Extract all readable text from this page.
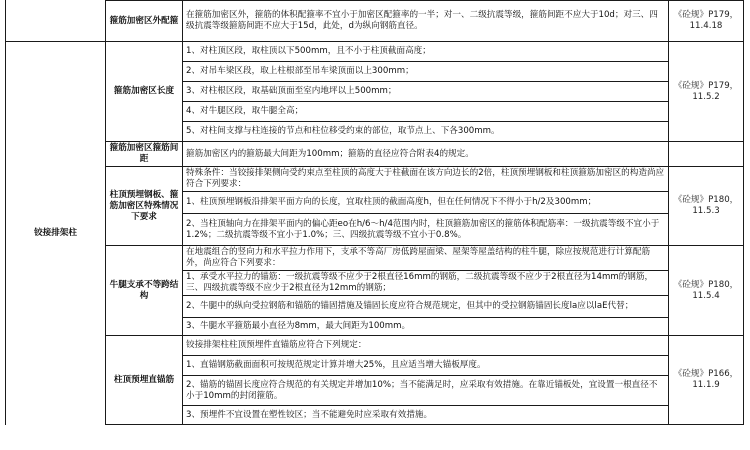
	箍筋加密区外配箍	在箍筋加密区外，箍筋的体积配箍率不宜小于加密区配箍率的一半；对一、二级抗震等级，箍筋间距不应大于10d；对三、四级抗震等级箍筋间距不应大于15d，此处，d为纵向钢筋直径。	《砼规》P179，11.4.18
铰接排架柱	箍筋加密区长度	1、对柱顶区段，取柱顶以下500mm，且不小于柱顶截面高度；	《砼规》P179，11.5.2
		2、对吊车梁区段，取上柱根部至吊车梁顶面以上300mm；	
		3、对柱根区段，取基础顶面至室内地坪以上500mm；	
		4、对牛腿区段，取牛腿全高；	
		5、对柱间支撑与柱连接的节点和柱位移受约束的部位，取节点上、下各300mm。	
	箍筋加密区箍筋间距	箍筋加密区内的箍筋最大间距为100mm；箍筋的直径应符合附表4的规定。	
	柱顶预埋钢板、箍筋加密区特殊情况下要求	特殊条件：当铰接排架侧向受约束点至柱顶的高度大于柱截面在该方向边长的2倍，柱顶预埋钢板和柱顶箍筋加密区的构造尚应符合下列要求：	《砼规》P180，11.5.3
		1、柱顶预埋钢板沿排架平面方向的长度，宜取柱顶的截面高度h，但在任何情况下不得小于h/2及300mm；	
		2、当柱顶轴向力在排架平面内的偏心距eo在h/6～h/4范围内时，柱顶箍筋加密区的箍筋体积配筋率：一级抗震等级不宜小于1.2%；二级抗震等级不宜小于1.0%；三、四级抗震等级不宜小于0.8%。	
	牛腿支承不等跨结构	在地震组合的竖向力和水平拉力作用下，支承不等高厂房低跨屋面梁、屋架等屋盖结构的柱牛腿，除应按规范进行计算配筋外，尚应符合下列要求：	《砼规》P180，11.5.4
		1、承受水平拉力的锚筋：一级抗震等级不应少于2根直径16mm的钢筋，二级抗震等级不应少于2根直径为14mm的钢筋，三、四级抗震等级不应少于2根直径为12mm的钢筋；	
		2、牛腿中的纵向受拉钢筋和锚筋的锚固措施及锚固长度应符合规范规定，但其中的受拉钢筋锚固长度la应以laE代替；	
		3、牛腿水平箍筋最小直径为8mm，最大间距为100mm。	
	柱顶预埋直锚筋	铰接排架柱柱顶预埋件直锚筋应符合下列规定：	《砼规》P166，11.1.9
		1、直锚钢筋截面面积可按规范规定计算并增大25%，且应适当增大锚板厚度。	
		2、锚筋的锚固长度应符合规范的有关规定并增加10%；当不能满足时，应采取有效措施。在靠近锚板处，宜设置一根直径不小于10mm的封闭箍筋。	
		3、预埋件不宜设置在塑性铰区；当不能避免时应采取有效措施。	
